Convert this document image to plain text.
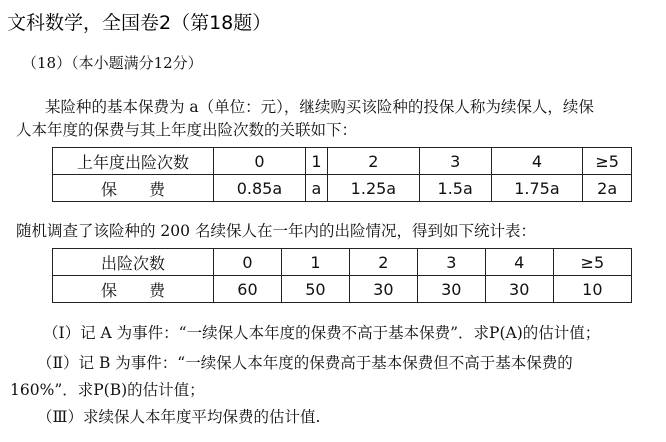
文科数学，全国卷2（第18题）
（18）（本小题满分12分）
某险种的基本保费为 a（单位：元），继续购买该险种的投保人称为续保人，续保
人本年度的保费与其上年度出险次数的关联如下：
上年度出险次数	0	1	2	3	4	≥5
保　　费	0.85a	a	1.25a	1.5a	1.75a	2a
随机调查了该险种的 200 名续保人在一年内的出险情况，得到如下统计表：
出险次数	0	1	2	3	4	≥5
保　　费	60	50	30	30	30	10
（Ⅰ）记 A 为事件：“一续保人本年度的保费不高于基本保费”．求P(A)的估计值；
（Ⅱ）记 B 为事件：“一续保人本年度的保费高于基本保费但不高于基本保费的
160%”．求P(B)的估计值；
（Ⅲ）求续保人本年度平均保费的估计值.
